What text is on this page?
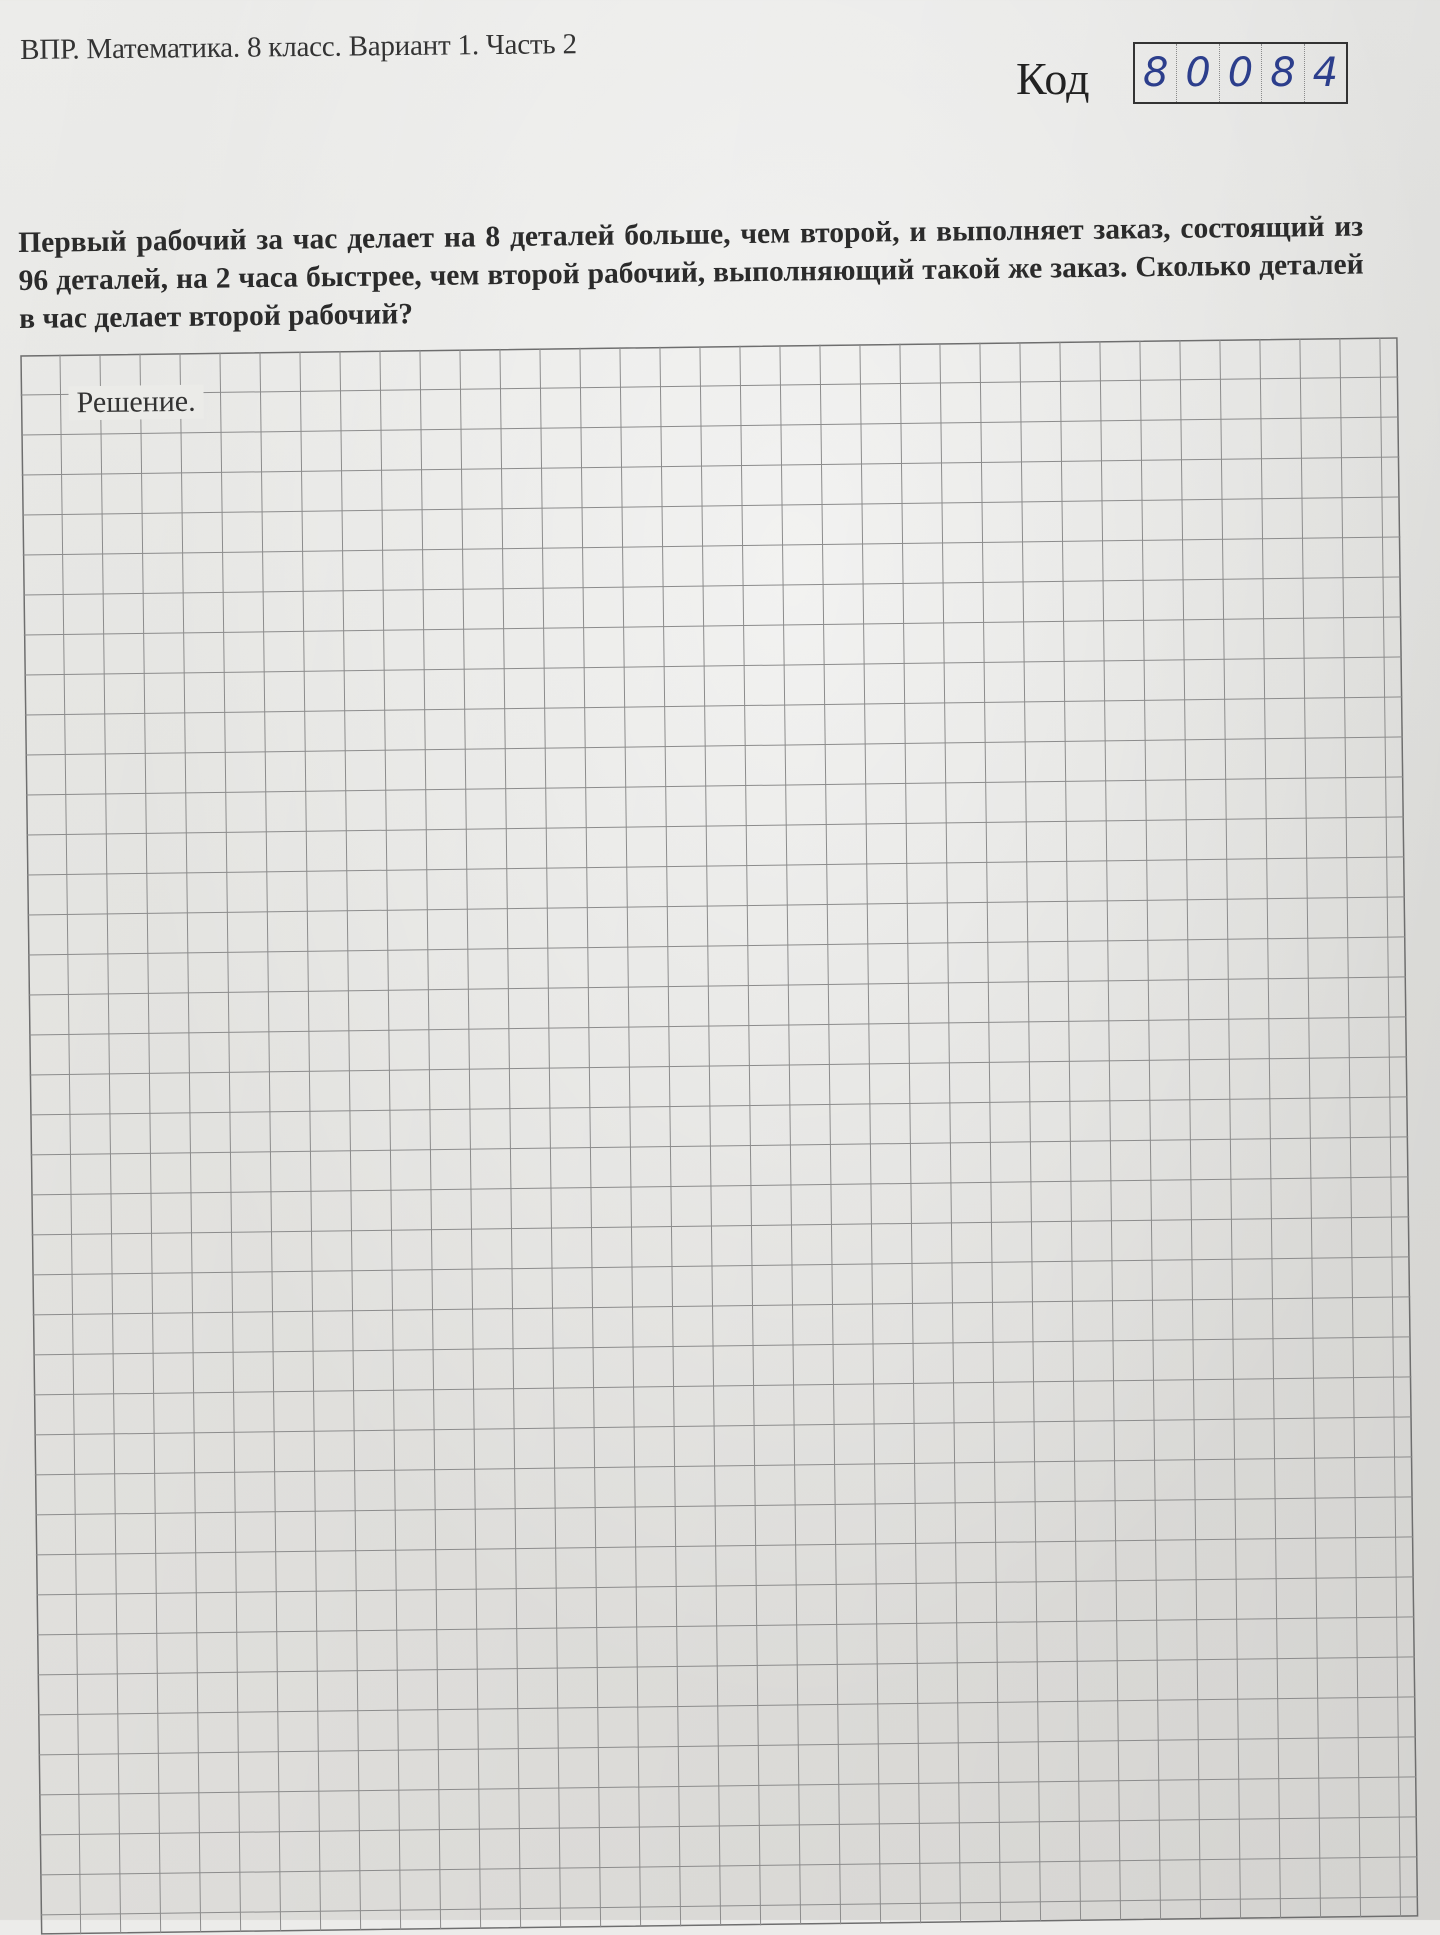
ВПР. Математика. 8 класс. Вариант 1. Часть 2
Код 8 0 0 8 4
Первый рабочий за час делает на 8 деталей больше, чем второй, и выполняет заказ, состоящий из 96 деталей, на 2 часа быстрее, чем второй рабочий, выполняющий такой же заказ. Сколько деталей в час делает второй рабочий?
Решение.
